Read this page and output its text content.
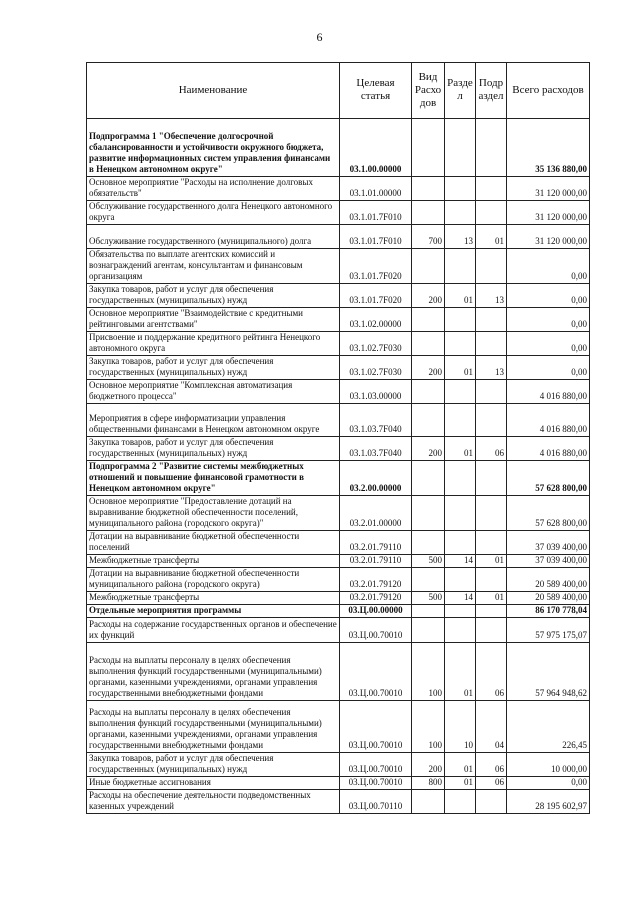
6
Наименование	Целевая статья	Вид Расхо дов	Разде л	Подр аздел	Всего расходов
Подпрограмма 1 "Обеспечение долгосрочной сбалансированности и устойчивости окружного бюджета, развитие информационных систем управления финансами в Ненецком автономном округе"	03.1.00.00000				35 136 880,00
Основное мероприятие "Расходы на исполнение долговых обязательств"	03.1.01.00000				31 120 000,00
Обслуживание государственного долга Ненецкого автономного округа	03.1.01.7F010				31 120 000,00
Обслуживание государственного (муниципального) долга	03.1.01.7F010	700	13	01	31 120 000,00
Обязательства по выплате агентских комиссий и вознаграждений агентам, консультантам и финансовым организациям	03.1.01.7F020				0,00
Закупка товаров, работ и услуг для обеспечения государственных (муниципальных) нужд	03.1.01.7F020	200	01	13	0,00
Основное мероприятие "Взаимодействие с кредитными рейтинговыми агентствами"	03.1.02.00000				0,00
Присвоение и поддержание кредитного рейтинга Ненецкого автономного округа	03.1.02.7F030				0,00
Закупка товаров, работ и услуг для обеспечения государственных (муниципальных) нужд	03.1.02.7F030	200	01	13	0,00
Основное мероприятие "Комплексная автоматизация бюджетного процесса"	03.1.03.00000				4 016 880,00
Мероприятия в сфере информатизации управления общественными финансами в Ненецком автономном округе	03.1.03.7F040				4 016 880,00
Закупка товаров, работ и услуг для обеспечения государственных (муниципальных) нужд	03.1.03.7F040	200	01	06	4 016 880,00
Подпрограмма 2 "Развитие системы межбюджетных отношений и повышение финансовой грамотности в Ненецком автономном округе"	03.2.00.00000				57 628 800,00
Основное мероприятие "Предоставление дотаций на выравнивание бюджетной обеспеченности поселений, муниципального района (городского округа)"	03.2.01.00000				57 628 800,00
Дотации на выравнивание бюджетной обеспеченности поселений	03.2.01.79110				37 039 400,00
Межбюджетные трансферты	03.2.01.79110	500	14	01	37 039 400,00
Дотации на выравнивание бюджетной обеспеченности муниципального района (городского округа)	03.2.01.79120				20 589 400,00
Межбюджетные трансферты	03.2.01.79120	500	14	01	20 589 400,00
Отдельные мероприятия программы	03.Ц.00.00000				86 170 778,04
Расходы на содержание государственных органов и обеспечение их функций	03.Ц.00.70010				57 975 175,07
Расходы на выплаты персоналу в целях обеспечения выполнения функций государственными (муниципальными) органами, казенными учреждениями, органами управления государственными внебюджетными фондами	03.Ц.00.70010	100	01	06	57 964 948,62
Расходы на выплаты персоналу в целях обеспечения выполнения функций государственными (муниципальными) органами, казенными учреждениями, органами управления государственными внебюджетными фондами	03.Ц.00.70010	100	10	04	226,45
Закупка товаров, работ и услуг для обеспечения государственных (муниципальных) нужд	03.Ц.00.70010	200	01	06	10 000,00
Иные бюджетные ассигнования	03.Ц.00.70010	800	01	06	0,00
Расходы на обеспечение деятельности подведомственных казенных учреждений	03.Ц.00.70110				28 195 602,97
